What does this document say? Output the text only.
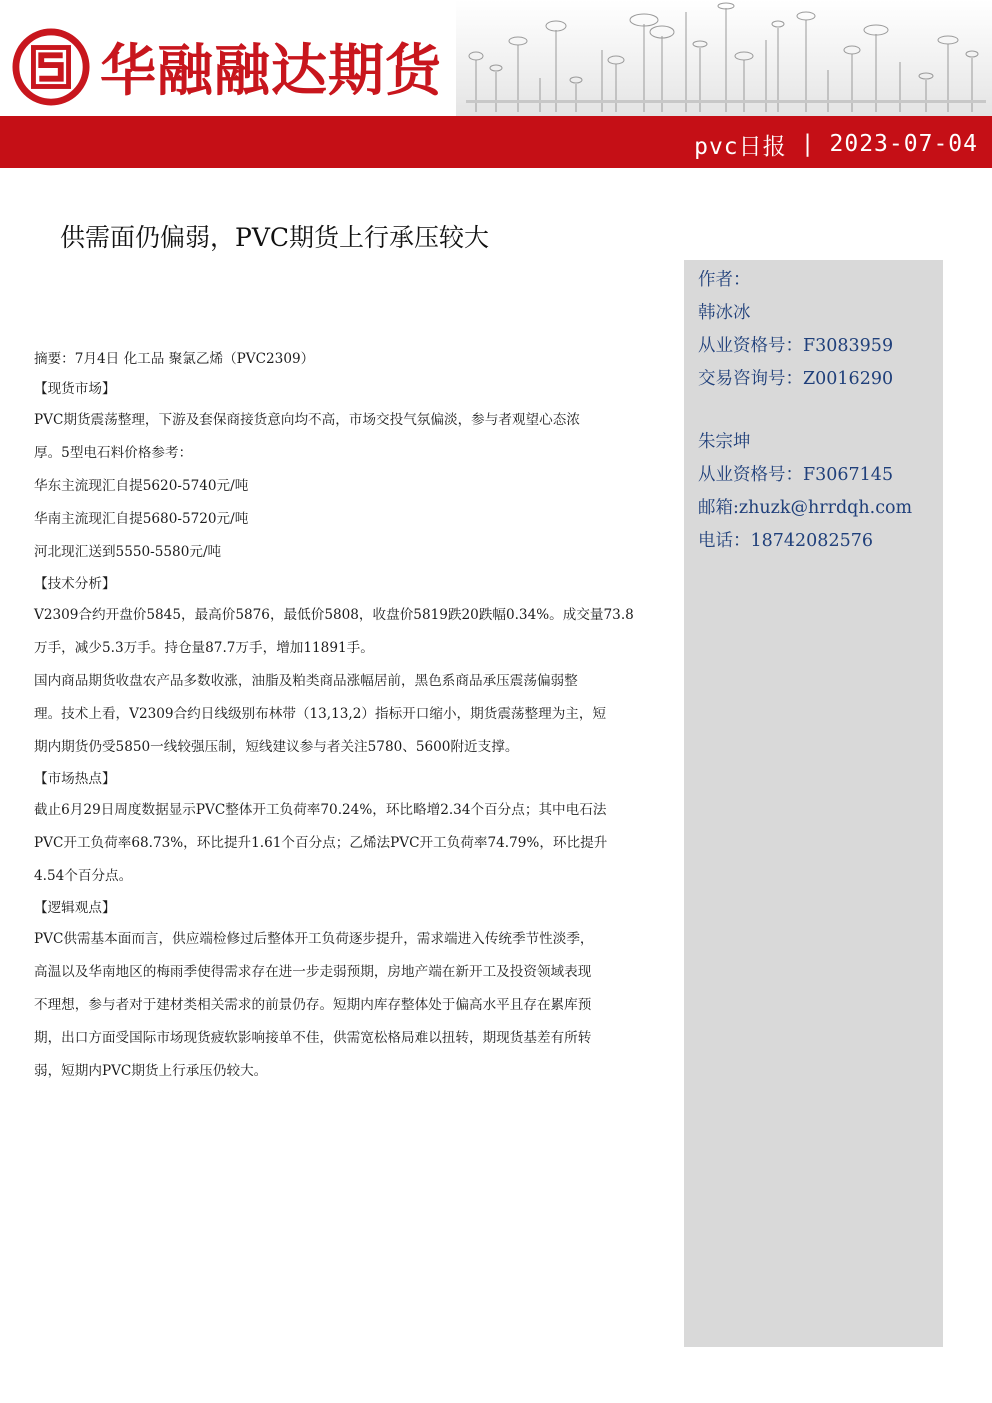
华融融达期货
pvc日报 | 2023-07-04
供需面仍偏弱，PVC期货上行承压较大
作者：
韩冰冰
从业资格号：F3083959
交易咨询号：Z0016290
朱宗坤
从业资格号：F3067145
邮箱:zhuzk@hrrdqh.com
电话：18742082576
摘要：7月4日 化工品 聚氯乙烯（PVC2309）
【现货市场】
PVC期货震荡整理，下游及套保商接货意向均不高，市场交投气氛偏淡，参与者观望心态浓
厚。5型电石料价格参考：
华东主流现汇自提5620-5740元/吨
华南主流现汇自提5680-5720元/吨
河北现汇送到5550-5580元/吨
【技术分析】
V2309合约开盘价5845，最高价5876，最低价5808，收盘价5819跌20跌幅0.34%。成交量73.8
万手，减少5.3万手。持仓量87.7万手，增加11891手。
国内商品期货收盘农产品多数收涨，油脂及粕类商品涨幅居前，黑色系商品承压震荡偏弱整
理。技术上看，V2309合约日线级别布林带（13,13,2）指标开口缩小，期货震荡整理为主，短
期内期货仍受5850一线较强压制，短线建议参与者关注5780、5600附近支撑。
【市场热点】
截止6月29日周度数据显示PVC整体开工负荷率70.24%，环比略增2.34个百分点；其中电石法
PVC开工负荷率68.73%，环比提升1.61个百分点；乙烯法PVC开工负荷率74.79%，环比提升
4.54个百分点。
【逻辑观点】
PVC供需基本面而言，供应端检修过后整体开工负荷逐步提升，需求端进入传统季节性淡季，
高温以及华南地区的梅雨季使得需求存在进一步走弱预期，房地产端在新开工及投资领域表现
不理想，参与者对于建材类相关需求的前景仍存。短期内库存整体处于偏高水平且存在累库预
期，出口方面受国际市场现货疲软影响接单不佳，供需宽松格局难以扭转，期现货基差有所转
弱，短期内PVC期货上行承压仍较大。
